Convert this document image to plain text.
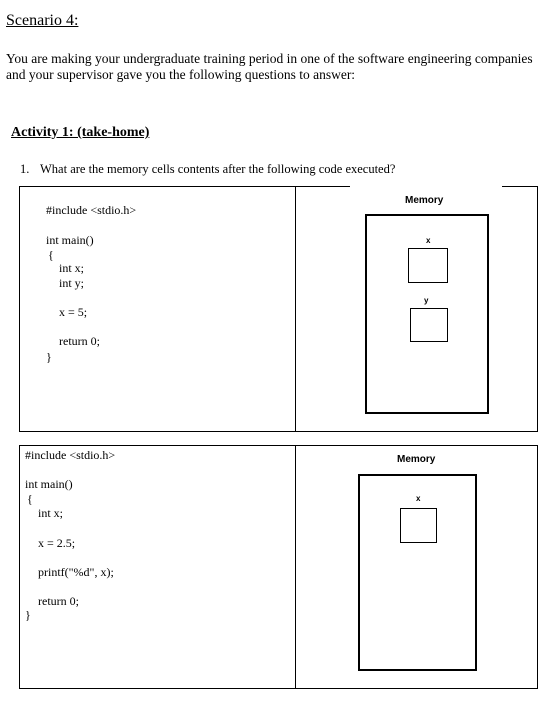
Scenario 4:
You are making your undergraduate training period in one of the software engineering companies and your supervisor gave you the following questions to answer:
Activity 1: (take-home)
1. What are the memory cells contents after the following code executed?
#include <stdio.h>
int main()
{
int x;
int y;
x = 5;
return 0;
}
Memory
x
y
#include <stdio.h>
int main()
{
int x;
x = 2.5;
printf("%d", x);
return 0;
}
Memory
x
